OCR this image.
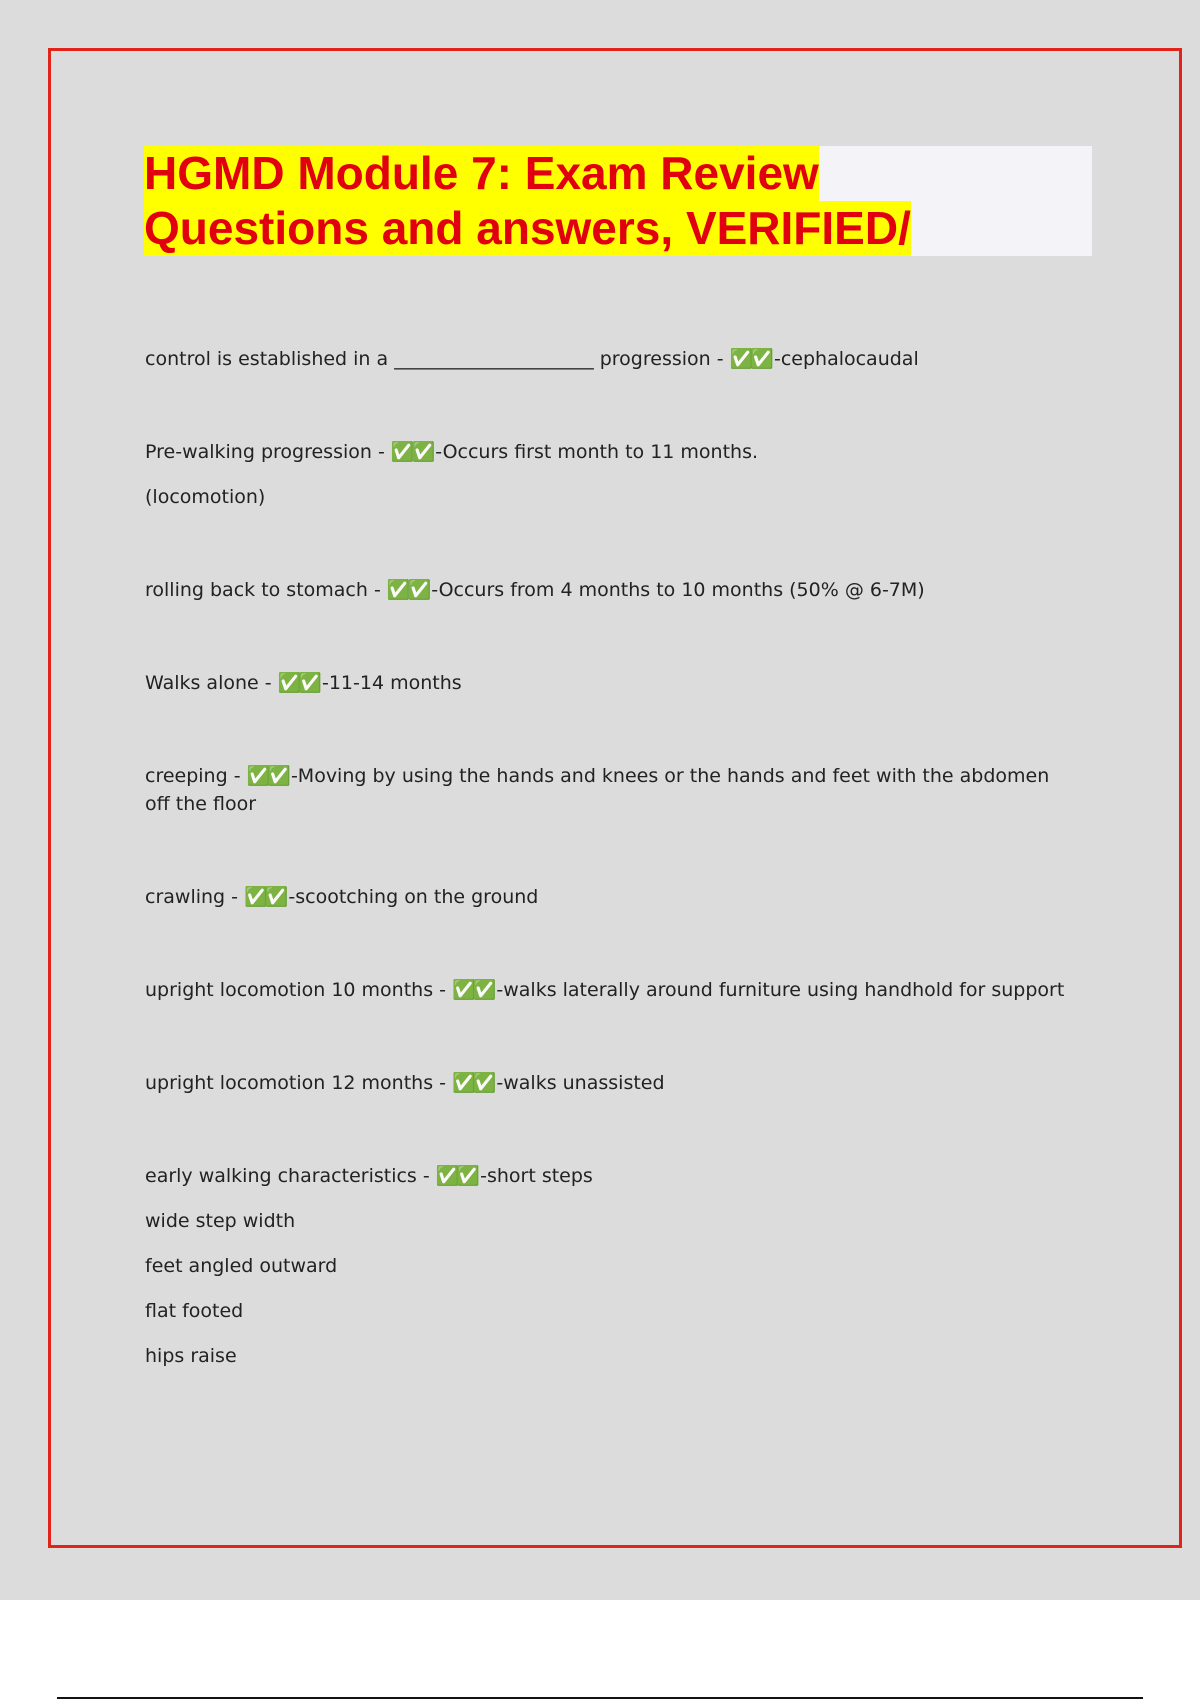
HGMD Module 7: Exam Review
Questions and answers, VERIFIED/

control is established in a _____________________ progression - ✅✅ -cephalocaudal

Pre-walking progression - ✅✅ -Occurs first month to 11 months.

(locomotion)

rolling back to stomach - ✅✅ -Occurs from 4 months to 10 months (50% @ 6-7M)

Walks alone - ✅✅ -11-14 months

creeping - ✅✅ -Moving by using the hands and knees or the hands and feet with the abdomen off the floor

crawling - ✅✅ -scootching on the ground

upright locomotion 10 months - ✅✅ -walks laterally around furniture using handhold for support

upright locomotion 12 months - ✅✅ -walks unassisted

early walking characteristics - ✅✅ -short steps

wide step width

feet angled outward

flat footed

hips raise
